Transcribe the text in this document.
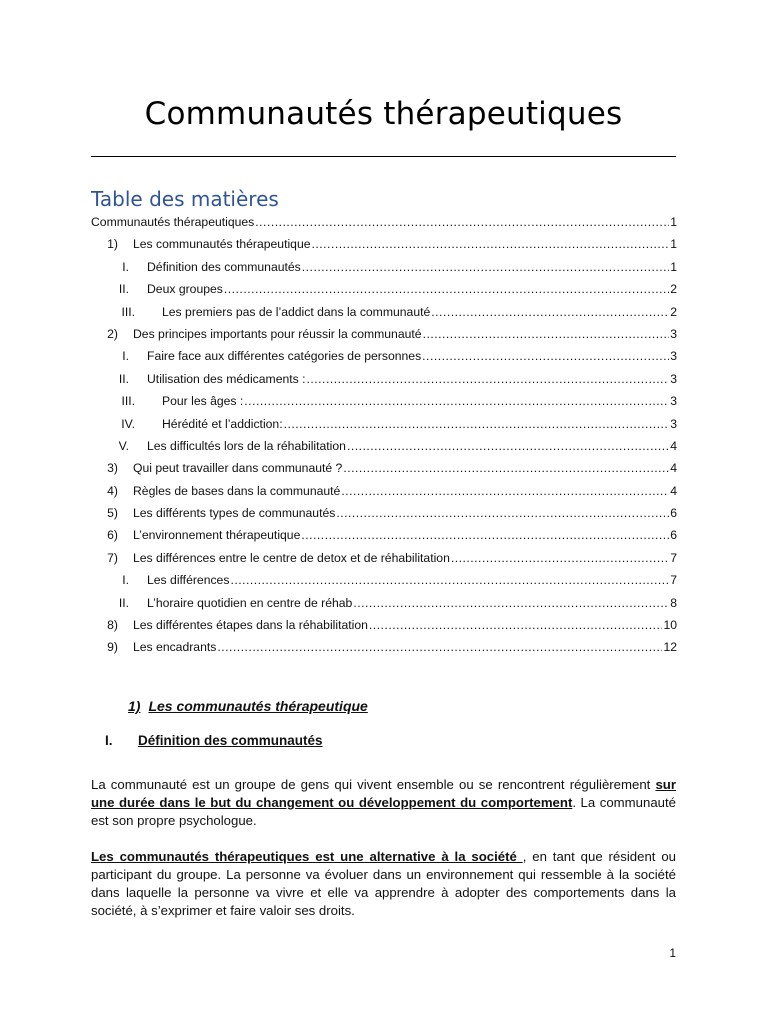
Communautés thérapeutiques
Table des matières
Communautés thérapeutiques .....	1
1) Les communautés thérapeutique .....	1
I. Définition des communautés .....	1
II. Deux groupes .....	2
III. Les premiers pas de l’addict dans la communauté .....	2
2) Des principes importants pour réussir la communauté .....	3
I. Faire face aux différentes catégories de personnes .....	3
II. Utilisation des médicaments : .....	3
III. Pour les âges : .....	3
IV. Hérédité et l’addiction: .....	3
V. Les difficultés lors de la réhabilitation .....	4
3) Qui peut travailler dans communauté ? .....	4
4) Règles de bases dans la communauté .....	4
5) Les différents types de communautés .....	6
6) L’environnement thérapeutique .....	6
7) Les différences entre le centre de detox et de réhabilitation .....	7
I. Les différences .....	7
II. L’horaire quotidien en centre de réhab .....	8
8) Les différentes étapes dans la réhabilitation .....	10
9) Les encadrants .....	12
1) Les communautés thérapeutique
I. Définition des communautés
La communauté est un groupe de gens qui vivent ensemble ou se rencontrent régulièrement sur une durée dans le but du changement ou développement du comportement. La communauté est son propre psychologue.
Les communautés thérapeutiques est une alternative à la société , en tant que résident ou participant du groupe. La personne va évoluer dans un environnement qui ressemble à la société dans laquelle la personne va vivre et elle va apprendre à adopter des comportements dans la société, à s’exprimer et faire valoir ses droits.
1
